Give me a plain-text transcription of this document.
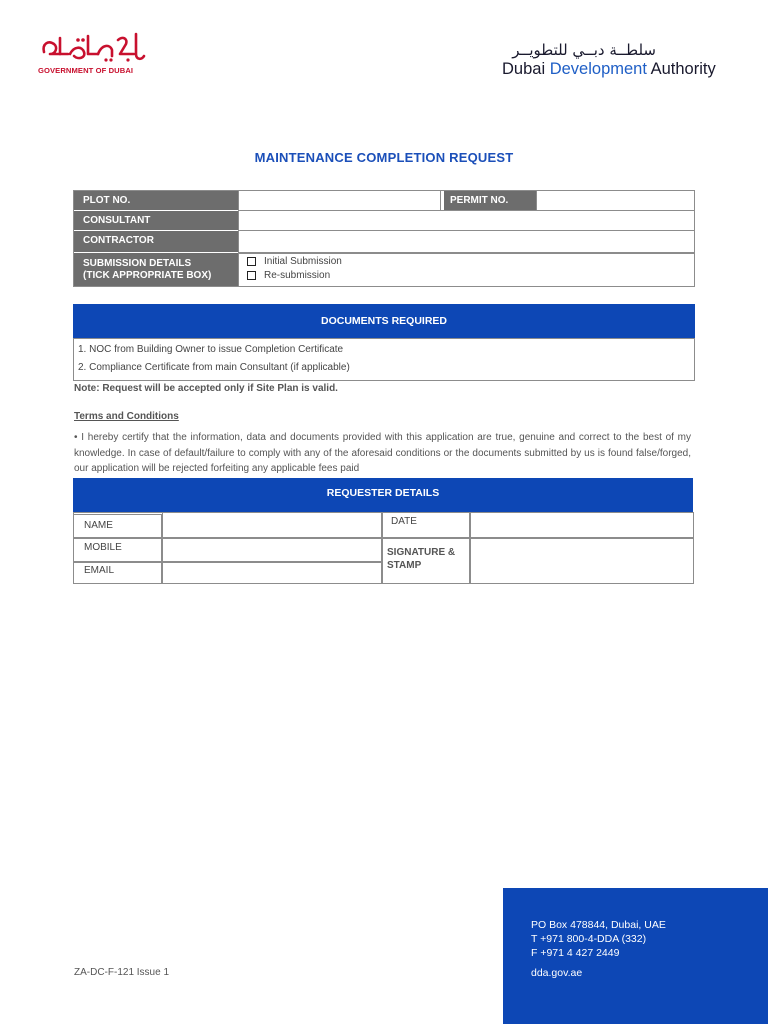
GOVERNMENT OF DUBAI
سلطــة دبــي للتطويــر
Dubai Development Authority
MAINTENANCE COMPLETION REQUEST
PLOT NO.	PERMIT NO.
CONSULTANT
CONTRACTOR
SUBMISSION DETAILS
(TICK APPROPRIATE BOX)
Initial Submission
Re-submission
DOCUMENTS REQUIRED
1. NOC from Building Owner to issue Completion Certificate
2. Compliance Certificate from main Consultant (if applicable)
Note: Request will be accepted only if Site Plan is valid.
Terms and Conditions
• I hereby certify that the information, data and documents provided with this application are true, genuine and correct to the best of my knowledge. In case of default/failure to comply with any of the aforesaid conditions or the documents submitted by us is found false/forged, our application will be rejected forfeiting any applicable fees paid
REQUESTER DETAILS
NAME
MOBILE
EMAIL
DATE
SIGNATURE &
STAMP
PO Box 478844, Dubai, UAE
T +971 800-4-DDA (332)
F +971 4 427 2449
dda.gov.ae
ZA-DC-F-121 Issue 1
